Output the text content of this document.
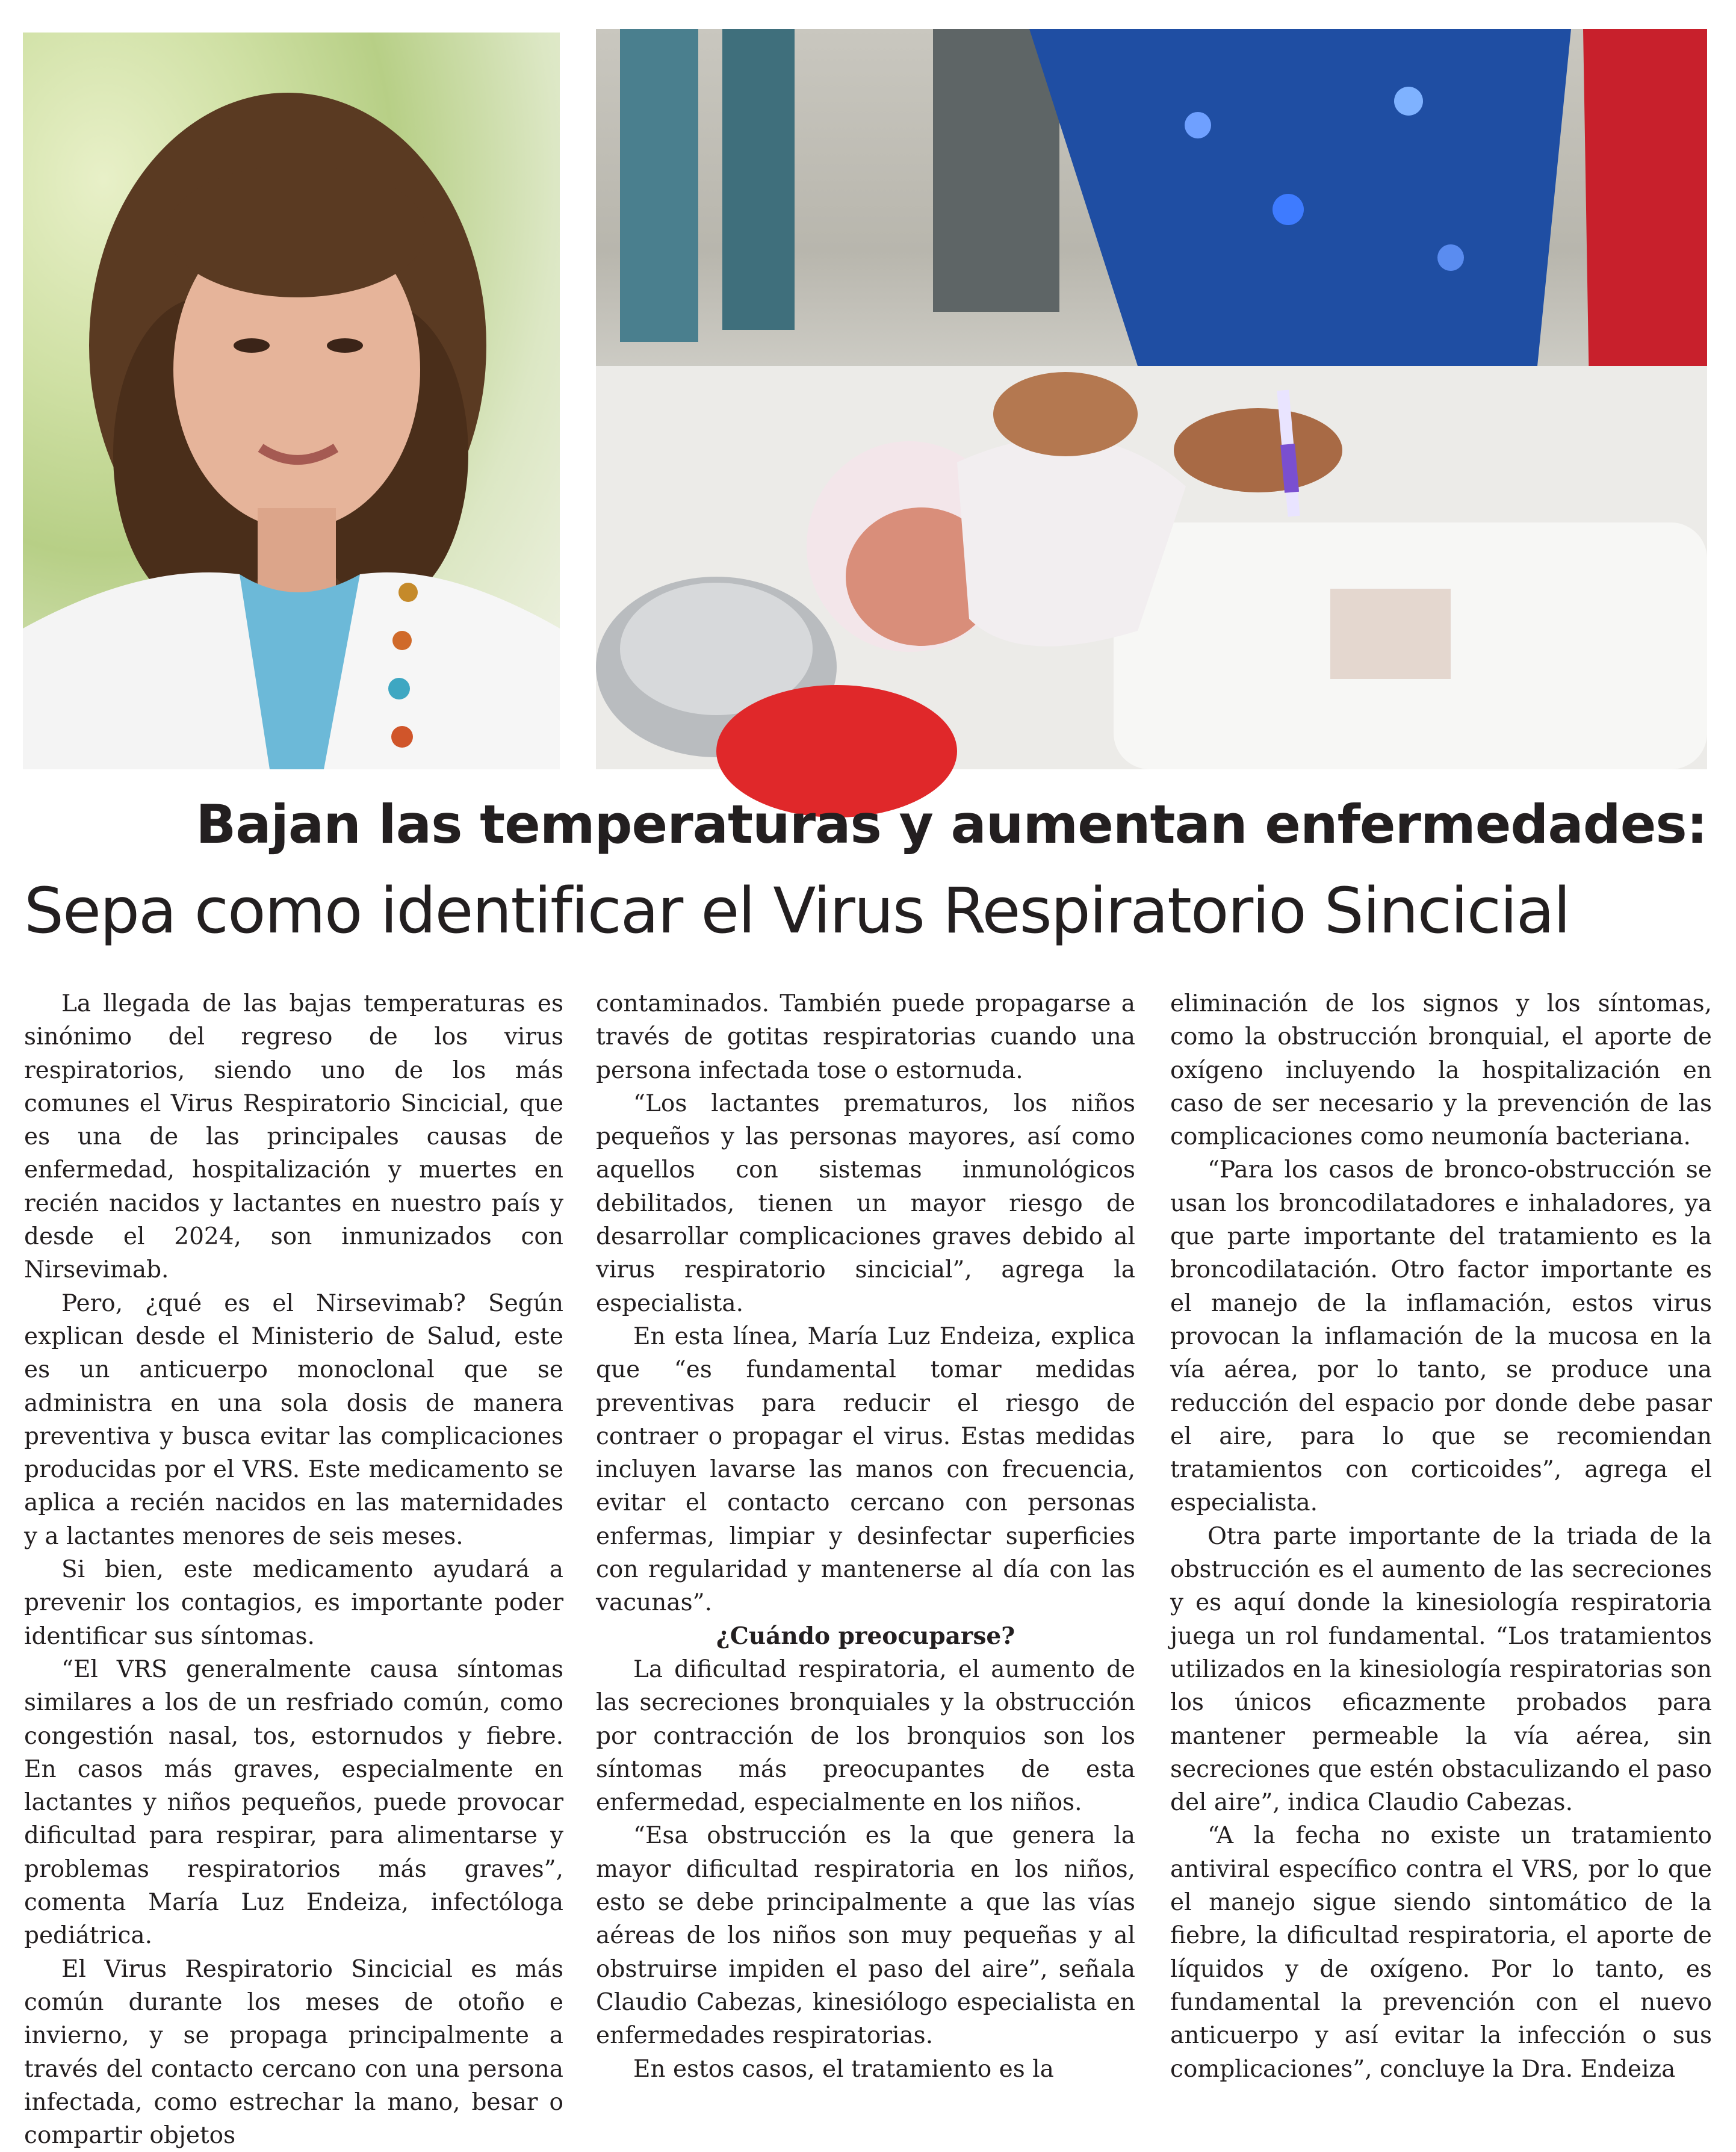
Bajan las temperaturas y aumentan enfermedades:
Sepa como identificar el Virus Respiratorio Sincicial

La llegada de las bajas temperaturas es sinónimo del regreso de los virus respiratorios, siendo uno de los más comunes el Virus Respiratorio Sincicial, que es una de las principales causas de enfermedad, hospitalización y muertes en recién nacidos y lactantes en nuestro país y desde el 2024, son inmunizados con Nirsevimab.

Pero, ¿qué es el Nirsevimab? Según explican desde el Ministerio de Salud, este es un anticuerpo monoclonal que se administra en una sola dosis de manera preventiva y busca evitar las complicaciones producidas por el VRS. Este medicamento se aplica a recién nacidos en las maternidades y a lactantes menores de seis meses.

Si bien, este medicamento ayudará a prevenir los contagios, es importante poder identificar sus síntomas.

“El VRS generalmente causa síntomas similares a los de un resfriado común, como congestión nasal, tos, estornudos y fiebre. En casos más graves, especialmente en lactantes y niños pequeños, puede provocar dificultad para respirar, para alimentarse y problemas respiratorios más graves”, comenta María Luz Endeiza, infectóloga pediátrica.

El Virus Respiratorio Sincicial es más común durante los meses de otoño e invierno, y se propaga principalmente a través del contacto cercano con una persona infectada, como estrechar la mano, besar o compartir objetos

contaminados. También puede propagarse a través de gotitas respiratorias cuando una persona infectada tose o estornuda.

“Los lactantes prematuros, los niños pequeños y las personas mayores, así como aquellos con sistemas inmunológicos debilitados, tienen un mayor riesgo de desarrollar complicaciones graves debido al virus respiratorio sincicial”, agrega la especialista.

En esta línea, María Luz Endeiza, explica que “es fundamental tomar medidas preventivas para reducir el riesgo de contraer o propagar el virus. Estas medidas incluyen lavarse las manos con frecuencia, evitar el contacto cercano con personas enfermas, limpiar y desinfectar superficies con regularidad y mantenerse al día con las vacunas”.

¿Cuándo preocuparse?

La dificultad respiratoria, el aumento de las secreciones bronquiales y la obstrucción por contracción de los bronquios son los síntomas más preocupantes de esta enfermedad, especialmente en los niños.

“Esa obstrucción es la que genera la mayor dificultad respiratoria en los niños, esto se debe principalmente a que las vías aéreas de los niños son muy pequeñas y al obstruirse impiden el paso del aire”, señala Claudio Cabezas, kinesiólogo especialista en enfermedades respiratorias.

En estos casos, el tratamiento es la

eliminación de los signos y los síntomas, como la obstrucción bronquial, el aporte de oxígeno incluyendo la hospitalización en caso de ser necesario y la prevención de las complicaciones como neumonía bacteriana.

“Para los casos de bronco-obstrucción se usan los broncodilatadores e inhaladores, ya que parte importante del tratamiento es la broncodilatación. Otro factor importante es el manejo de la inflamación, estos virus provocan la inflamación de la mucosa en la vía aérea, por lo tanto, se produce una reducción del espacio por donde debe pasar el aire, para lo que se recomiendan tratamientos con corticoides”, agrega el especialista.

Otra parte importante de la triada de la obstrucción es el aumento de las secreciones y es aquí donde la kinesiología respiratoria juega un rol fundamental. “Los tratamientos utilizados en la kinesiología respiratorias son los únicos eficazmente probados para mantener permeable la vía aérea, sin secreciones que estén obstaculizando el paso del aire”, indica Claudio Cabezas.

“A la fecha no existe un tratamiento antiviral específico contra el VRS, por lo que el manejo sigue siendo sintomático de la fiebre, la dificultad respiratoria, el aporte de líquidos y de oxígeno. Por lo tanto, es fundamental la prevención con el nuevo anticuerpo y así evitar la infección o sus complicaciones”, concluye la Dra. Endeiza
